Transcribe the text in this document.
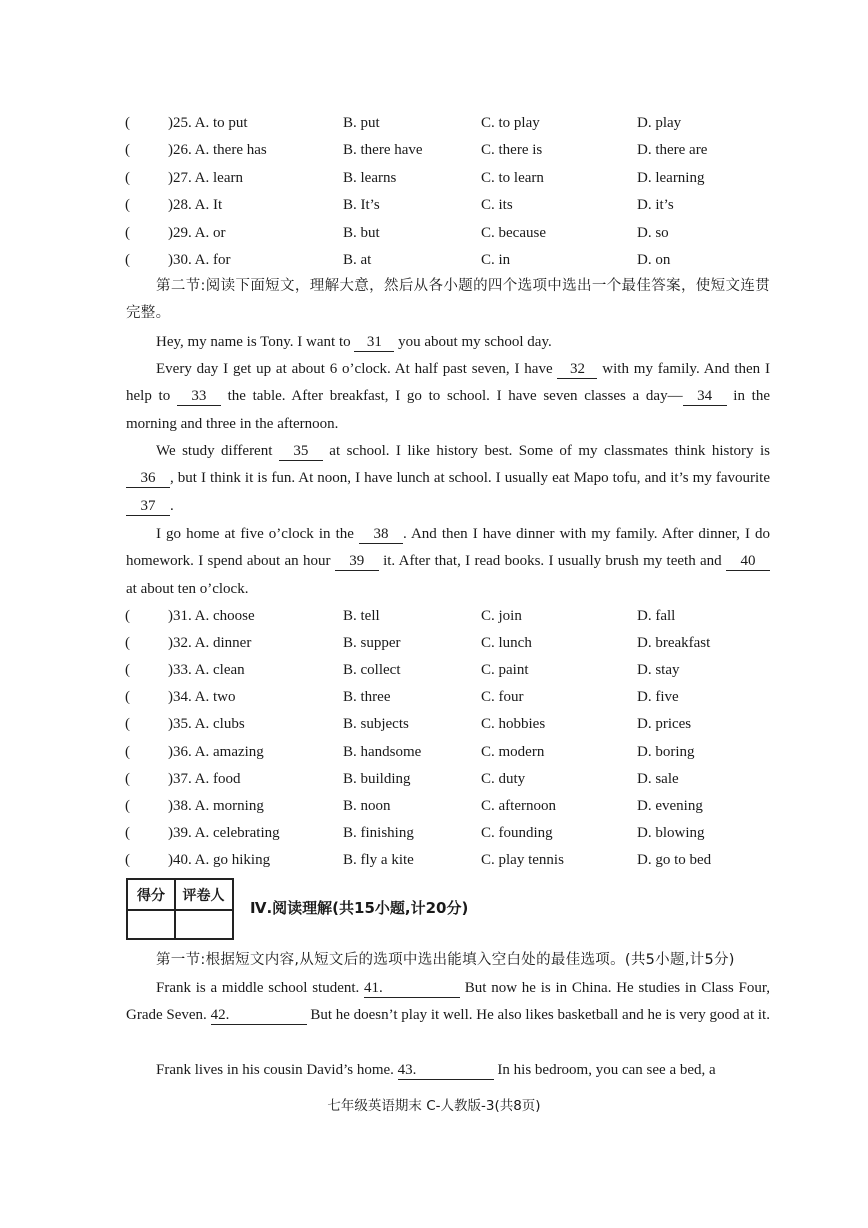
(	)25. A. to put	B. put	C. to play	D. play
(	)26. A. there has	B. there have	C. there is	D. there are
(	)27. A. learn	B. learns	C. to learn	D. learning
(	)28. A. It	B. It’s	C. its	D. it’s
(	)29. A. or	B. but	C. because	D. so
(	)30. A. for	B. at	C. in	D. on

第二节:阅读下面短文，理解大意，然后从各小题的四个选项中选出一个最佳答案，使短文连贯完整。

Hey, my name is Tony. I want to 31 you about my school day.

Every day I get up at about 6 o’clock. At half past seven, I have 32 with my family. And then I help to 33 the table. After breakfast, I go to school. I have seven classes a day— 34 in the morning and three in the afternoon.

We study different 35 at school. I like history best. Some of my classmates think history is 36 , but I think it is fun. At noon, I have lunch at school. I usually eat Mapo tofu, and it’s my favourite 37 .

I go home at five o’clock in the 38 . And then I have dinner with my family. After dinner, I do homework. I spend about an hour 39 it. After that, I read books. I usually brush my teeth and 40 at about ten o’clock.

(	)31. A. choose	B. tell	C. join	D. fall
(	)32. A. dinner	B. supper	C. lunch	D. breakfast
(	)33. A. clean	B. collect	C. paint	D. stay
(	)34. A. two	B. three	C. four	D. five
(	)35. A. clubs	B. subjects	C. hobbies	D. prices
(	)36. A. amazing	B. handsome	C. modern	D. boring
(	)37. A. food	B. building	C. duty	D. sale
(	)38. A. morning	B. noon	C. afternoon	D. evening
(	)39. A. celebrating	B. finishing	C. founding	D. blowing
(	)40. A. go hiking	B. fly a kite	C. play tennis	D. go to bed
得分	评卷人
Ⅳ.阅读理解(共15小题,计20分)

第一节:根据短文内容,从短文后的选项中选出能填入空白处的最佳选项。(共5小题,计5分)

Frank is a middle school student. 41.	But now he is in China. He studies in Class Four, Grade Seven. 42.	But he doesn’t play it well. He also likes basketball and he is very good at it.

Frank lives in his cousin David’s home. 43.	In his bedroom, you can see a bed, a

七年级英语期末 C-人教版-3(共8页)
